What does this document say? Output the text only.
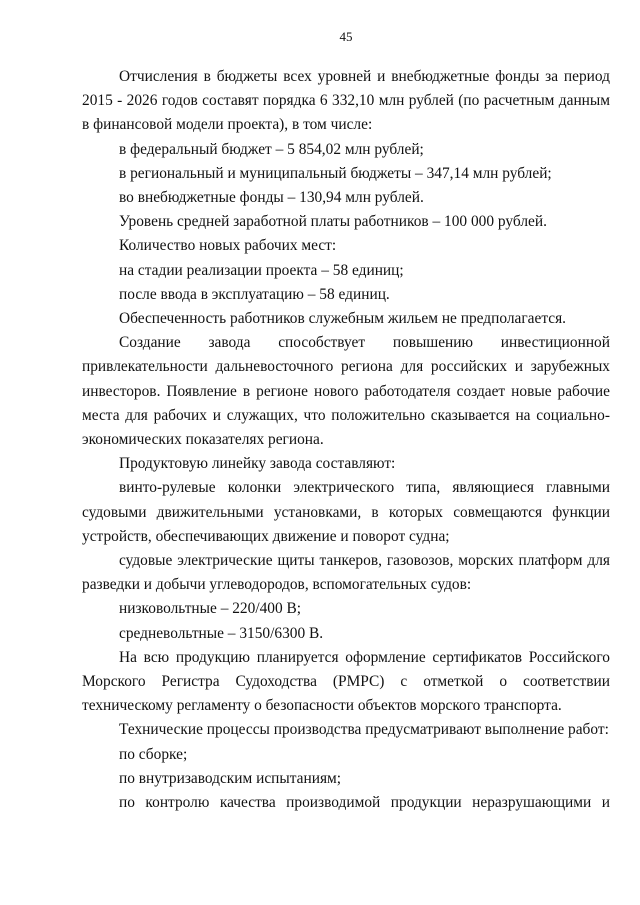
45

Отчисления в бюджеты всех уровней и внебюджетные фонды за период 2015 - 2026 годов составят порядка 6 332,10 млн рублей (по расчетным данным в финансовой модели проекта), в том числе:

в федеральный бюджет – 5 854,02 млн рублей;

в региональный и муниципальный бюджеты – 347,14 млн рублей;

во внебюджетные фонды – 130,94 млн рублей.

Уровень средней заработной платы работников – 100 000 рублей.

Количество новых рабочих мест:

на стадии реализации проекта – 58 единиц;

после ввода в эксплуатацию – 58 единиц.

Обеспеченность работников служебным жильем не предполагается.

Создание завода способствует повышению инвестиционной привлекательности дальневосточного региона для российских и зарубежных инвесторов. Появление в регионе нового работодателя создает новые рабочие места для рабочих и служащих, что положительно сказывается на социально-экономических показателях региона.

Продуктовую линейку завода составляют:

винто-рулевые колонки электрического типа, являющиеся главными судовыми движительными установками, в которых совмещаются функции устройств, обеспечивающих движение и поворот судна;

судовые электрические щиты танкеров, газовозов, морских платформ для разведки и добычи углеводородов, вспомогательных судов:

низковольтные – 220/400 В;

средневольтные – 3150/6300 В.

На всю продукцию планируется оформление сертификатов Российского Морского Регистра Судоходства (РМРС) с отметкой о соответствии техническому регламенту о безопасности объектов морского транспорта.

Технические процессы производства предусматривают выполнение работ:

по сборке;

по внутризаводским испытаниям;

по контролю качества производимой продукции неразрушающими и
